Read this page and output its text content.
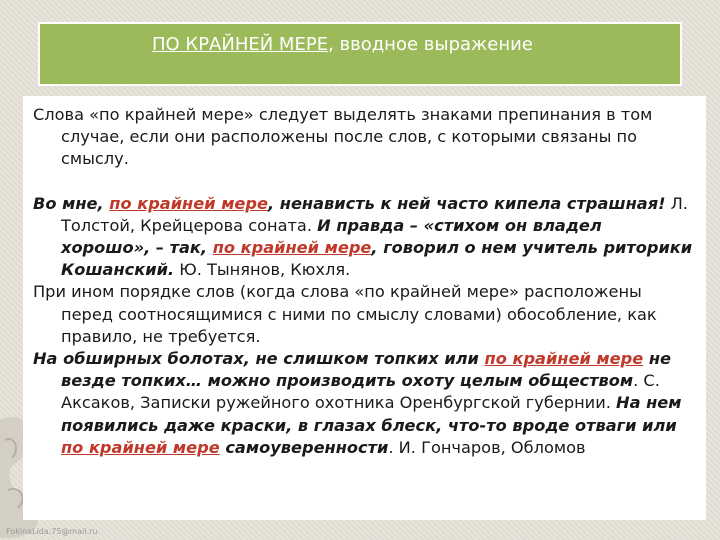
ПО КРАЙНЕЙ МЕРЕ, вводное выражение

Слова «по крайней мере» следует выделять знаками препинания в том случае, если они расположены после слов, с которыми связаны по смыслу.

Во мне, по крайней мере, ненависть к ней часто кипела страшная! Л. Толстой, Крейцерова соната. И правда – «стихом он владел хорошо», – так, по крайней мере, говорил о нем учитель риторики Кошанский. Ю. Тынянов, Кюхля.

При ином порядке слов (когда слова «по крайней мере» расположены перед соотносящимися с ними по смыслу словами) обособление, как правило, не требуется.

На обширных болотах, не слишком топких или по крайней мере не везде топких… можно производить охоту целым обществом. С. Аксаков, Записки ружейного охотника Оренбургской губернии. На нем появились даже краски, в глазах блеск, что-то вроде отваги или по крайней мере самоуверенности. И. Гончаров, Обломов

FokinaLida.75@mail.ru
